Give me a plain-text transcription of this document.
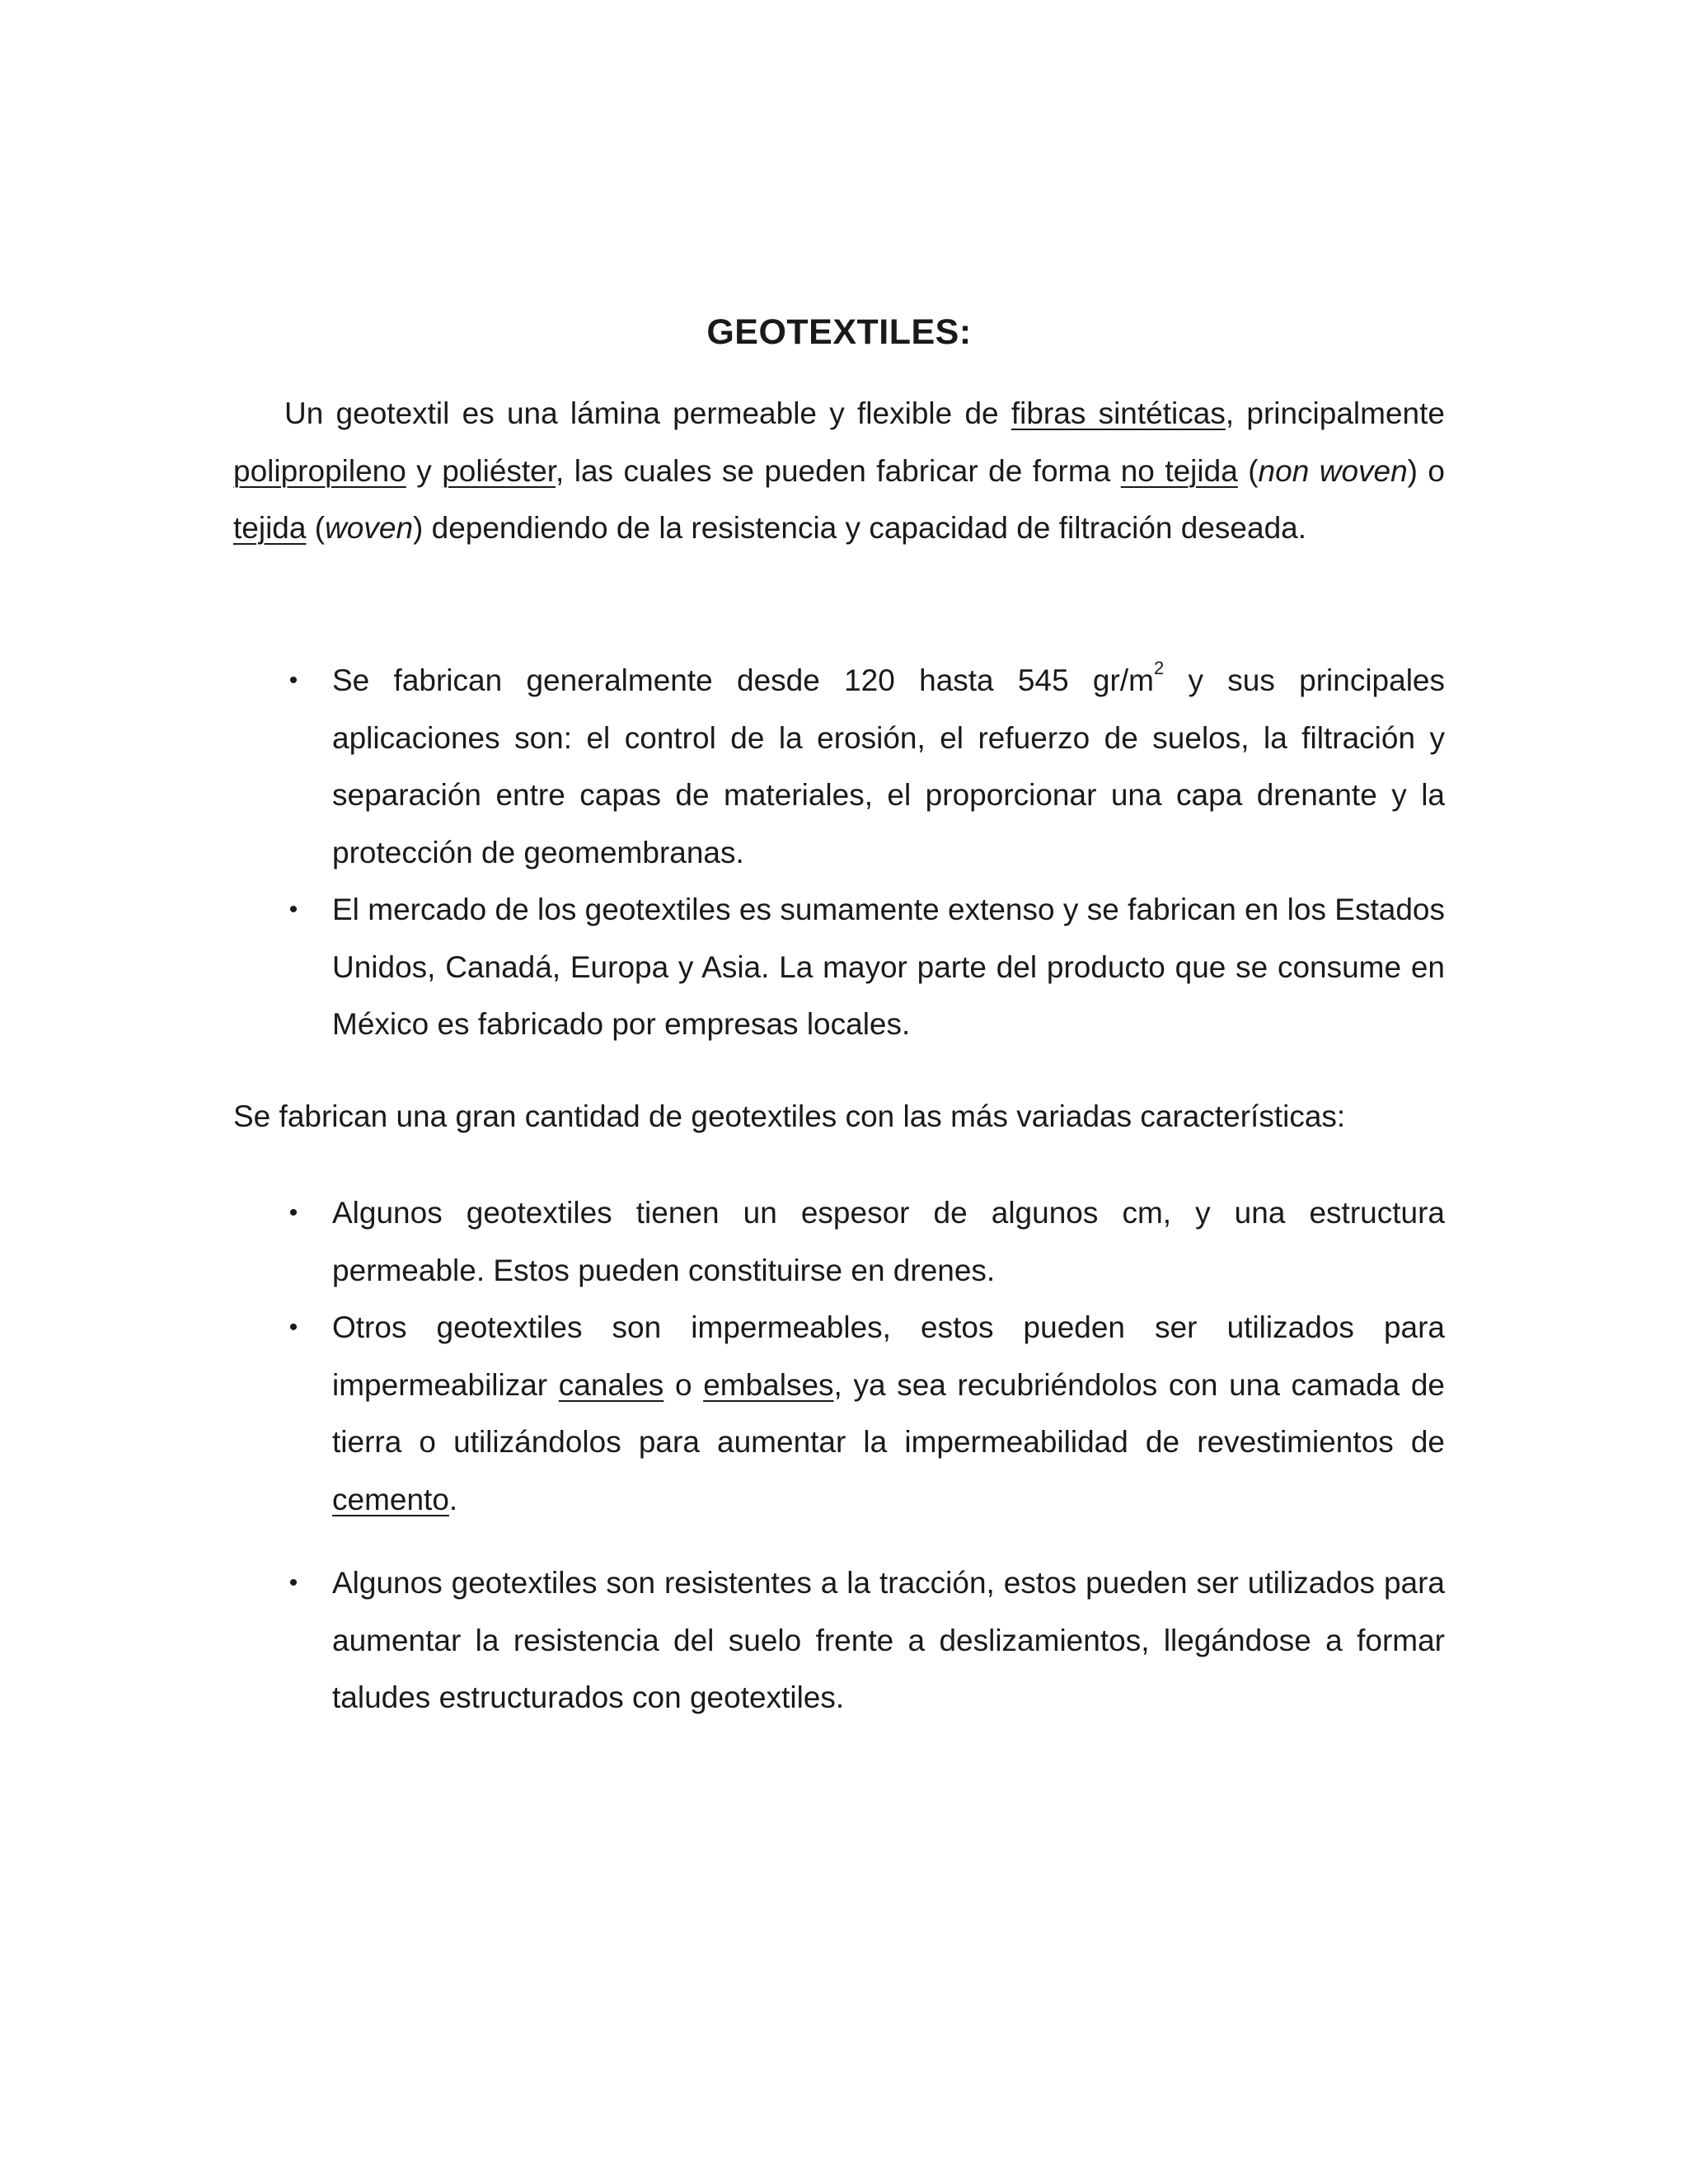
GEOTEXTILES:

Un geotextil es una lámina permeable y flexible de fibras sintéticas, principalmente polipropileno y poliéster, las cuales se pueden fabricar de forma no tejida (non woven) o tejida (woven) dependiendo de la resistencia y capacidad de filtración deseada.

• Se fabrican generalmente desde 120 hasta 545 $gr/m^2$ y sus principales aplicaciones son: el control de la erosión, el refuerzo de suelos, la filtración y separación entre capas de materiales, el proporcionar una capa drenante y la protección de geomembranas.
• El mercado de los geotextiles es sumamente extenso y se fabrican en los Estados Unidos, Canadá, Europa y Asia. La mayor parte del producto que se consume en México es fabricado por empresas locales.

Se fabrican una gran cantidad de geotextiles con las más variadas características:

• Algunos geotextiles tienen un espesor de algunos cm, y una estructura permeable. Estos pueden constituirse en drenes.
• Otros geotextiles son impermeables, estos pueden ser utilizados para impermeabilizar canales o embalses, ya sea recubriéndolos con una camada de tierra o utilizándolos para aumentar la impermeabilidad de revestimientos de cemento.
• Algunos geotextiles son resistentes a la tracción, estos pueden ser utilizados para aumentar la resistencia del suelo frente a deslizamientos, llegándose a formar taludes estructurados con geotextiles.
